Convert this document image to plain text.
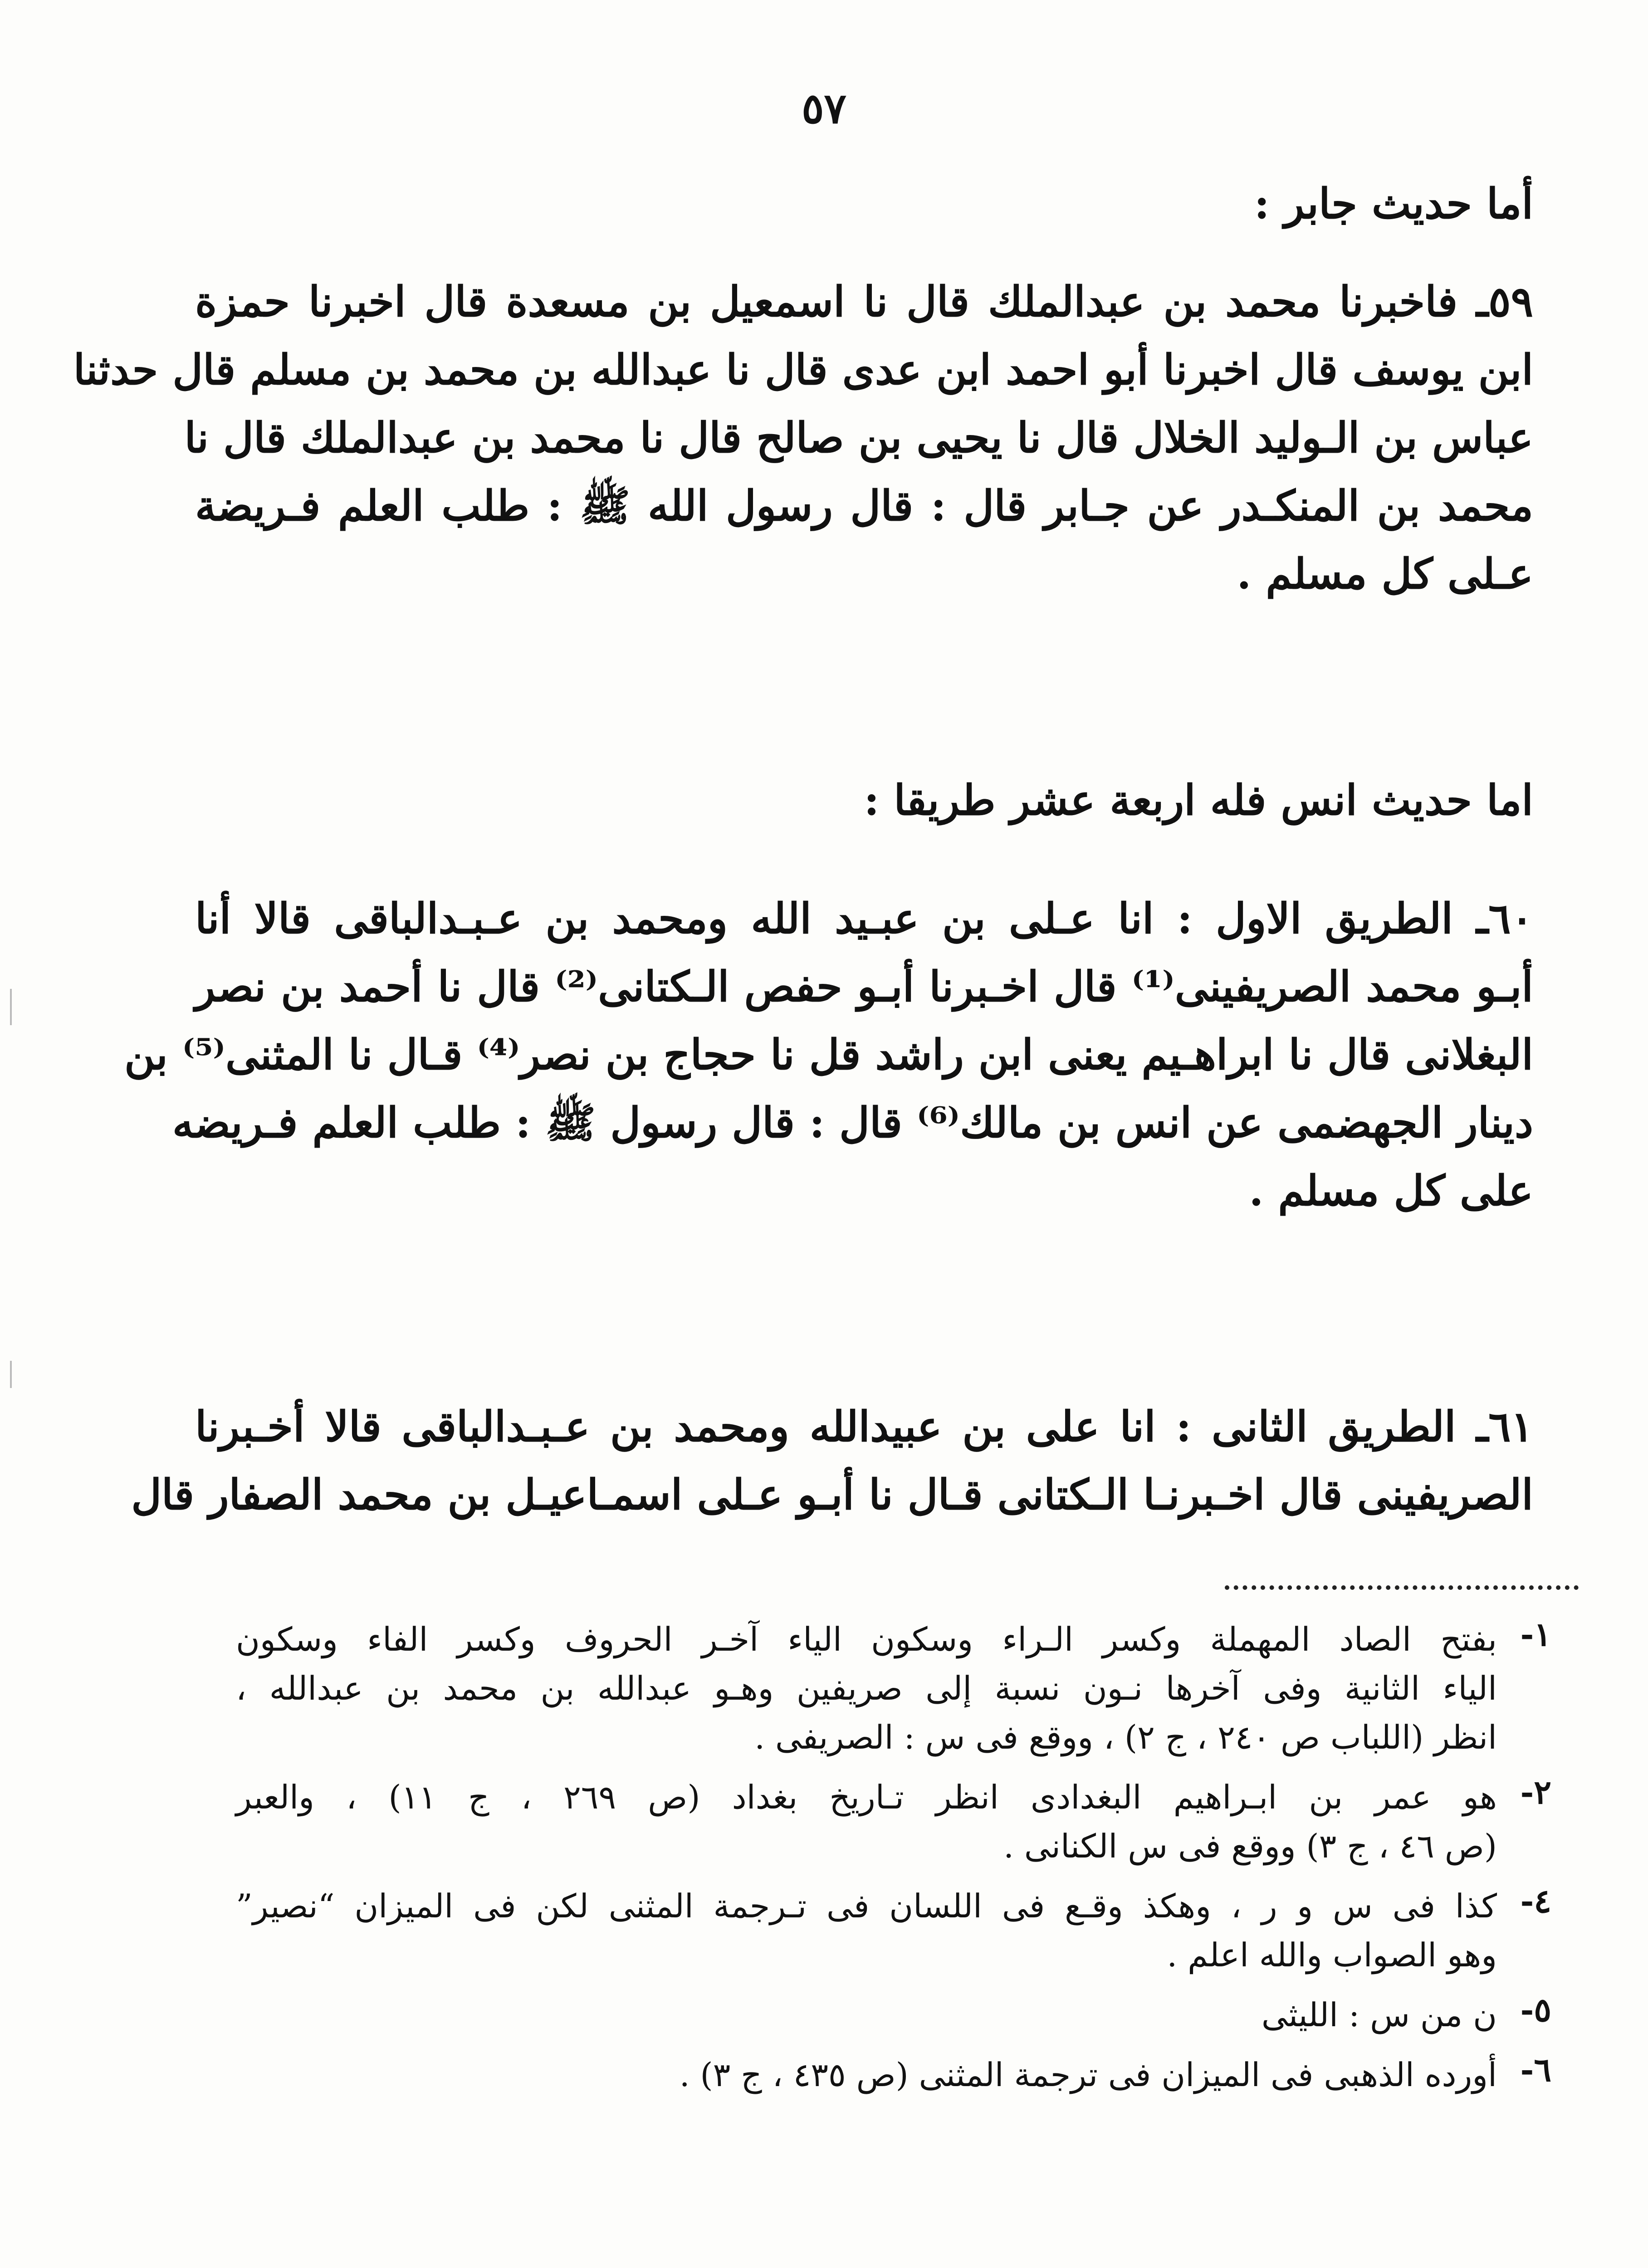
٥٧
أما حديث جابر :
٥٩ـ فاخبرنا محمد بن عبدالملك قال نا اسمعيل بن مسعدة قال اخبرنا حمزة
ابن يوسف قال اخبرنا أبو احمد ابن عدى قال نا عبدالله بن محمد بن مسلم قال حدثنا
عباس بن الـوليد الخلال قال نا يحيى بن صالح قال نا محمد بن عبدالملك قال نا
محمد بن المنكـدر عن جـابر قال : قال رسول الله ﷺ : طلب العلم فـريضة
عـلى كل مسلم .
اما حديث انس فله اربعة عشر طريقا :
٦٠ـ الطريق الاول : انا عـلى بن عبـيد الله ومحمد بن عـبـدالباقى قالا أنا
أبـو محمد الصريفينى⁽¹⁾ قال اخـبرنا أبـو حفص الـكتانى⁽²⁾ قال نا أحمد بن نصر
البغلانى قال نا ابراهـيم يعنى ابن راشد قل نا حجاج بن نصر⁽⁴⁾ قـال نا المثنى⁽⁵⁾ بن
دينار الجهضمى عن انس بن مالك⁽⁶⁾ قال : قال رسول ﷺ : طلب العلم فـريضه
على كل مسلم .
٦١ـ الطريق الثانى : انا على بن عبيدالله ومحمد بن عـبـدالباقى قالا أخـبرنا
الصريفينى قال اخـبرنـا الـكتانى قـال نا أبـو عـلى اسمـاعيـل بن محمد الصفار قال
١-
بفتح الصاد المهملة وكسر الـراء وسكون الياء آخـر الحروف وكسر الفاء وسكون
الياء الثانية وفى آخرها نـون نسبة إلى صريفين وهـو عبدالله بن محمد بن عبدالله ،
انظر (اللباب ص ٢٤٠ ، ج ٢) ، ووقع فى س : الصريفى .
٢-
هو عمر بن ابـراهيم البغدادى انظر تـاريخ بغداد (ص ٢٦٩ ، ج ١١) ، والعبر
(ص ٤٦ ، ج ٣) ووقع فى س الكنانى .
٤-
كذا فى س و ر ، وهكذ وقـع فى اللسان فى تـرجمة المثنى لكن فى الميزان “نصير”
وهو الصواب والله اعلم .
٥-
ن من س : الليثى
٦-
أورده الذهبى فى الميزان فى ترجمة المثنى (ص ٤٣٥ ، ج ٣) .
